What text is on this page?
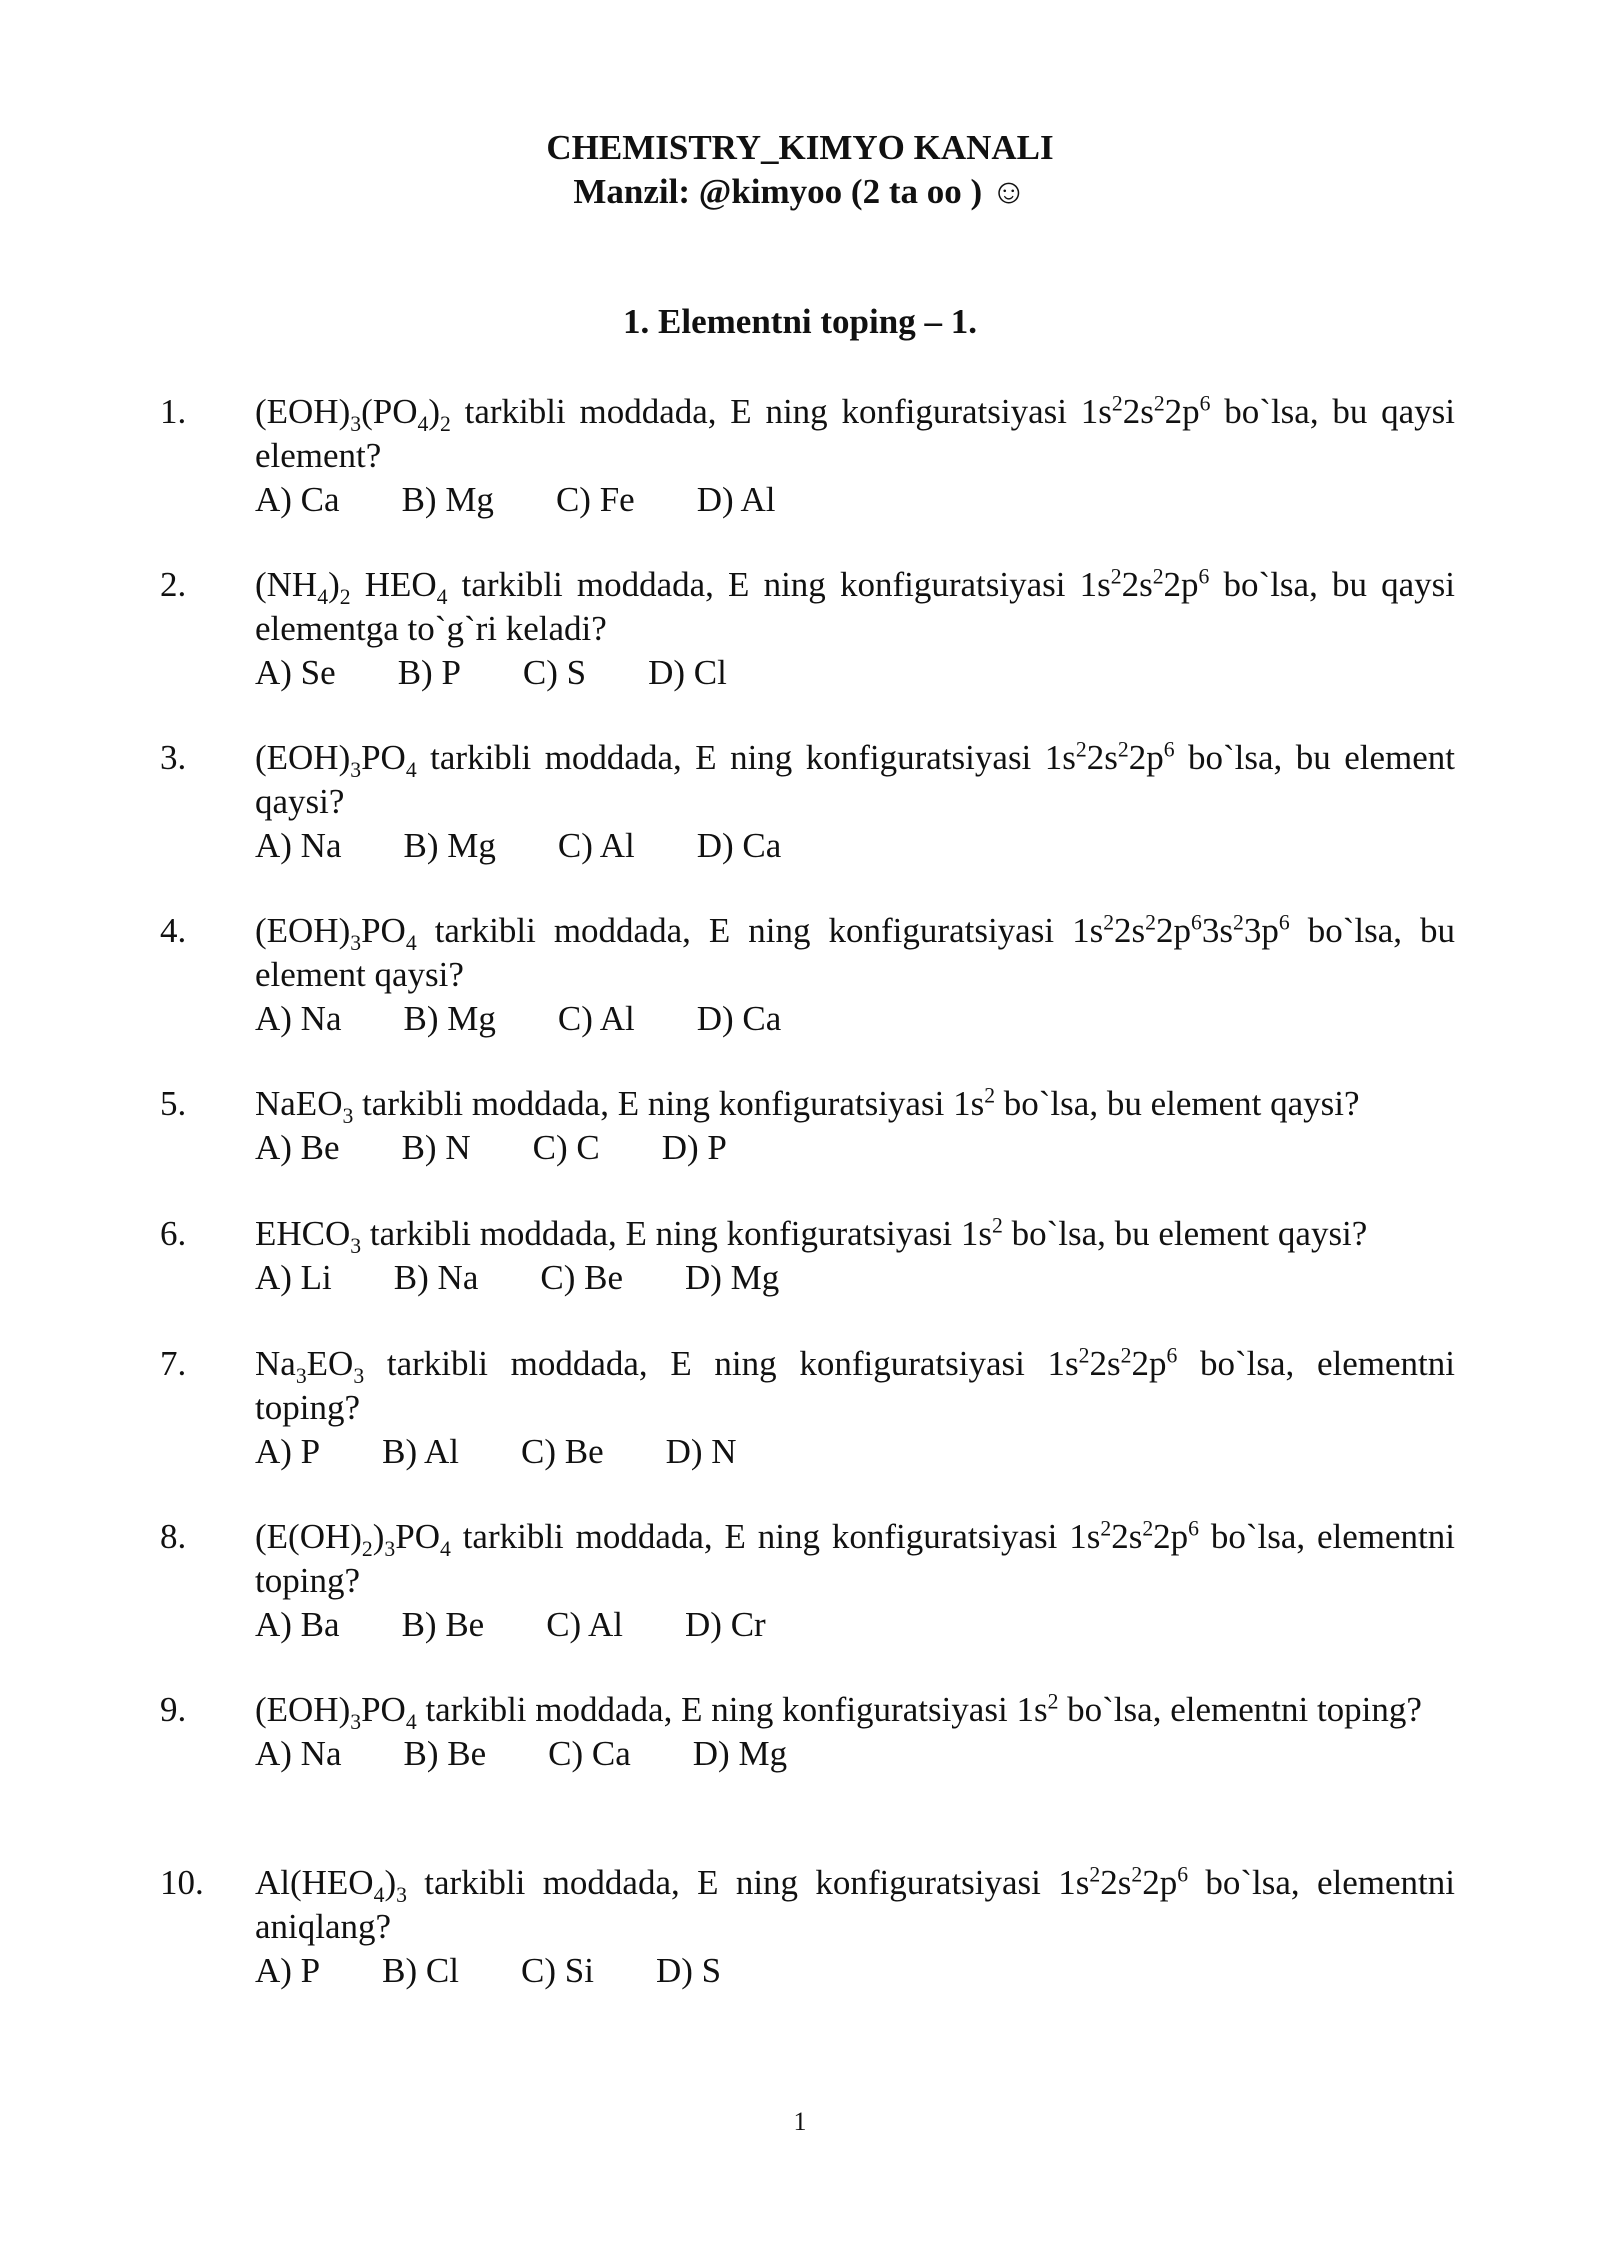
CHEMISTRY_KIMYO KANALI
Manzil: @kimyoo (2 ta oo ) ☺
1. Elementni toping – 1.
1. $(EOH)_3(PO_4)_2$ tarkibli moddada, E ning konfiguratsiyasi $1s^22s^22p^6$ bo`lsa, bu qaysi element?
A) Ca B) Mg C) Fe D) Al
2. $(NH_4)_2$ $HEO_4$ tarkibli moddada, E ning konfiguratsiyasi $1s^22s^22p^6$ bo`lsa, bu qaysi elementga to`g`ri keladi?
A) Se B) P C) S D) Cl
3. $(EOH)_3PO_4$ tarkibli moddada, E ning konfiguratsiyasi $1s^22s^22p^6$ bo`lsa, bu element qaysi?
A) Na B) Mg C) Al D) Ca
4. $(EOH)_3PO_4$ tarkibli moddada, E ning konfiguratsiyasi $1s^22s^22p^63s^23p^6$ bo`lsa, bu element qaysi?
A) Na B) Mg C) Al D) Ca
5. NaEO$_3$ tarkibli moddada, E ning konfiguratsiyasi $1s^2$ bo`lsa, bu element qaysi?
A) Be B) N C) C D) P
6. $EHCO_3$ tarkibli moddada, E ning konfiguratsiyasi $1s^2$ bo`lsa, bu element qaysi?
A) Li B) Na C) Be D) Mg
7. $Na_3EO_3$ tarkibli moddada, E ning konfiguratsiyasi $1s^22s^22p^6$ bo`lsa, elementni toping?
A) P B) Al C) Be D) N
8. $(E(OH)_2)_3PO_4$ tarkibli moddada, E ning konfiguratsiyasi $1s^22s^22p^6$ bo`lsa, elementni toping?
A) Ba B) Be C) Al D) Cr
9. $(EOH)_3PO_4$ tarkibli moddada, E ning konfiguratsiyasi $1s^2$ bo`lsa, elementni toping?
A) Na B) Be C) Ca D) Mg
10. $Al(HEO_4)_3$ tarkibli moddada, E ning konfiguratsiyasi $1s^22s^22p^6$ bo`lsa, elementni aniqlang?
A) P B) Cl C) Si D) S
1
